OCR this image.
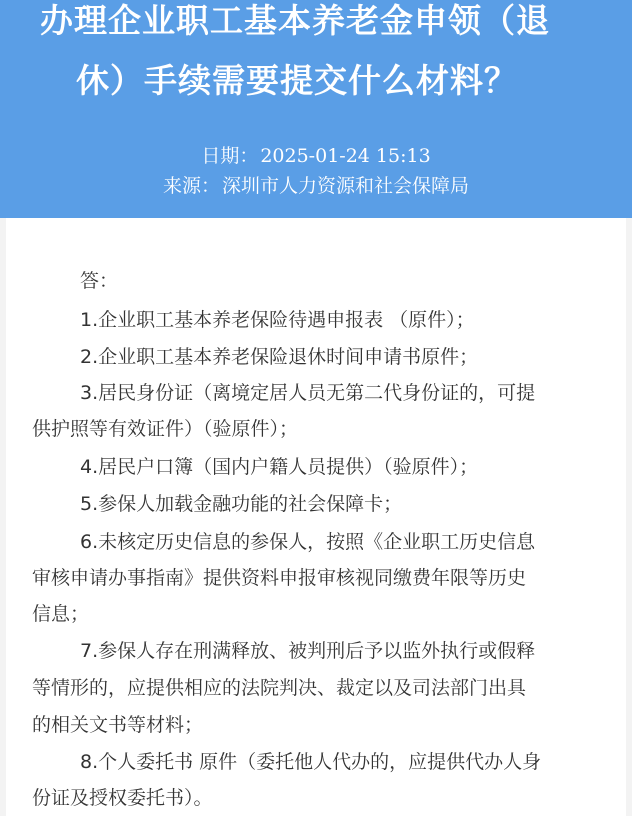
办理企业职工基本养老金申领（退
休）手续需要提交什么材料？
日期： 2025-01-24 15:13
来源： 深圳市人力资源和社会保障局
答：
1.企业职工基本养老保险待遇申报表 （原件）；
2.企业职工基本养老保险退休时间申请书原件；
3.居民身份证（离境定居人员无第二代身份证的，可提
供护照等有效证件）（验原件）；
4.居民户口簿（国内户籍人员提供）（验原件）；
5.参保人加载金融功能的社会保障卡；
6.未核定历史信息的参保人，按照《企业职工历史信息
审核申请办事指南》提供资料申报审核视同缴费年限等历史
信息；
7.参保人存在刑满释放、被判刑后予以监外执行或假释
等情形的，应提供相应的法院判决、裁定以及司法部门出具
的相关文书等材料；
8.个人委托书 原件（委托他人代办的，应提供代办人身
份证及授权委托书）。
